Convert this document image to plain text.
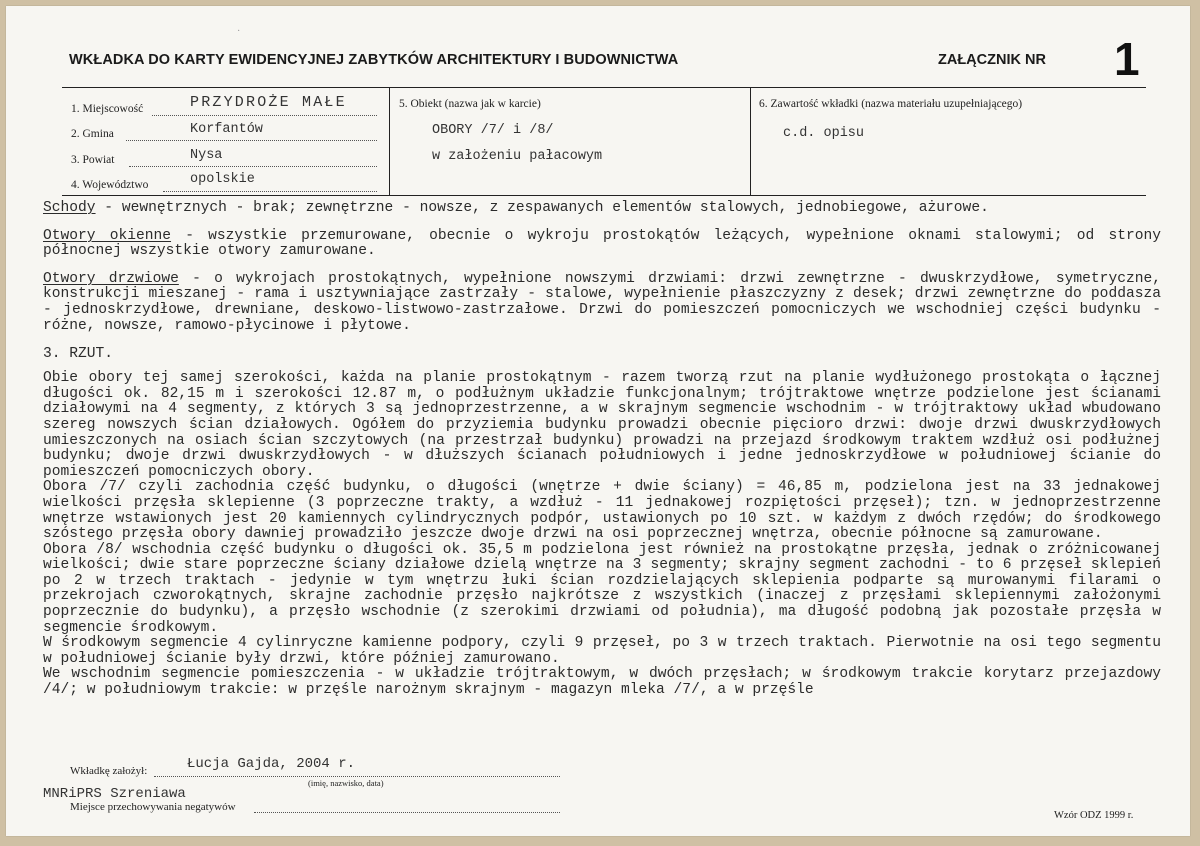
·
WKŁADKA DO KARTY EWIDENCYJNEJ ZABYTKÓW ARCHITEKTURY I BUDOWNICTWA	ZAŁĄCZNIK NR 1
1. Miejscowość	PRZYDROŻE MAŁE
2. Gmina	Korfantów
3. Powiat	Nysa
4. Województwo	opolskie
5. Obiekt (nazwa jak w karcie)
OBORY /7/ i /8/
w założeniu pałacowym
6. Zawartość wkładki (nazwa materiału uzupełniającego)
c.d. opisu

Schody - wewnętrznych - brak; zewnętrzne - nowsze, z zespawanych elementów stalowych, jednobiegowe, ażurowe.

Otwory okienne - wszystkie przemurowane, obecnie o wykroju prostokątów leżących, wypełnione oknami stalowymi; od strony północnej wszystkie otwory zamurowane.

Otwory drzwiowe - o wykrojach prostokątnych, wypełnione nowszymi drzwiami: drzwi zewnętrzne - dwuskrzydłowe, symetryczne, konstrukcji mieszanej - rama i usztywniające zastrzały - stalowe, wypełnienie płaszczyzny z desek; drzwi zewnętrzne do poddasza - jednoskrzydłowe, drewniane, deskowo-listwowo-zastrzałowe. Drzwi do pomieszczeń pomocniczych we wschodniej części budynku - różne, nowsze, ramowo-płycinowe i płytowe.

3. RZUT.

Obie obory tej samej szerokości, każda na planie prostokątnym - razem tworzą rzut na planie wydłużonego prostokąta o łącznej długości ok. 82,15 m i szerokości 12.87 m, o podłużnym układzie funkcjonalnym; trójtraktowe wnętrze podzielone jest ścianami działowymi na 4 segmenty, z których 3 są jednoprzestrzenne, a w skrajnym segmencie wschodnim - w trójtraktowy układ wbudowano szereg nowszych ścian działowych. Ogółem do przyziemia budynku prowadzi obecnie pięcioro drzwi: dwoje drzwi dwuskrzydłowych umieszczonych na osiach ścian szczytowych (na przestrzał budynku) prowadzi na przejazd środkowym traktem wzdłuż osi podłużnej budynku; dwoje drzwi dwuskrzydłowych - w dłuższych ścianach południowych i jedne jednoskrzydłowe w południowej ścianie do pomieszczeń pomocniczych obory.

Obora /7/ czyli zachodnia część budynku, o długości (wnętrze + dwie ściany) = 46,85 m, podzielona jest na 33 jednakowej wielkości przęsła sklepienne (3 poprzeczne trakty, a wzdłuż - 11 jednakowej rozpiętości przęseł); tzn. w jednoprzestrzenne wnętrze wstawionych jest 20 kamiennych cylindrycznych podpór, ustawionych po 10 szt. w każdym z dwóch rzędów; do środkowego szóstego przęsła obory dawniej prowadziło jeszcze dwoje drzwi na osi poprzecznej wnętrza, obecnie północne są zamurowane.

Obora /8/ wschodnia część budynku o długości ok. 35,5 m podzielona jest również na prostokątne przęsła, jednak o zróżnicowanej wielkości; dwie stare poprzeczne ściany działowe dzielą wnętrze na 3 segmenty; skrajny segment zachodni - to 6 przęseł sklepień po 2 w trzech traktach - jedynie w tym wnętrzu łuki ścian rozdzielających sklepienia podparte są murowanymi filarami o przekrojach czworokątnych, skrajne zachodnie przęsło najkrótsze z wszystkich (inaczej z przęsłami sklepiennymi założonymi poprzecznie do budynku), a przęsło wschodnie (z szerokimi drzwiami od południa), ma długość podobną jak pozostałe przęsła w segmencie środkowym.

W środkowym segmencie 4 cylinryczne kamienne podpory, czyli 9 przęseł, po 3 w trzech traktach. Pierwotnie na osi tego segmentu w południowej ścianie były drzwi, które później zamurowano.

We wschodnim segmencie pomieszczenia - w układzie trójtraktowym, w dwóch przęsłach; w środkowym trakcie korytarz przejazdowy /4/; w południowym trakcie: w przęśle narożnym skrajnym - magazyn mleka /7/, a w przęśle

Wkładkę założył:	Łucja Gajda, 2004 r.
(imię, nazwisko, data)
MNRiPRS Szreniawa
Miejsce przechowywania negatywów
Wzór ODZ 1999 r.
